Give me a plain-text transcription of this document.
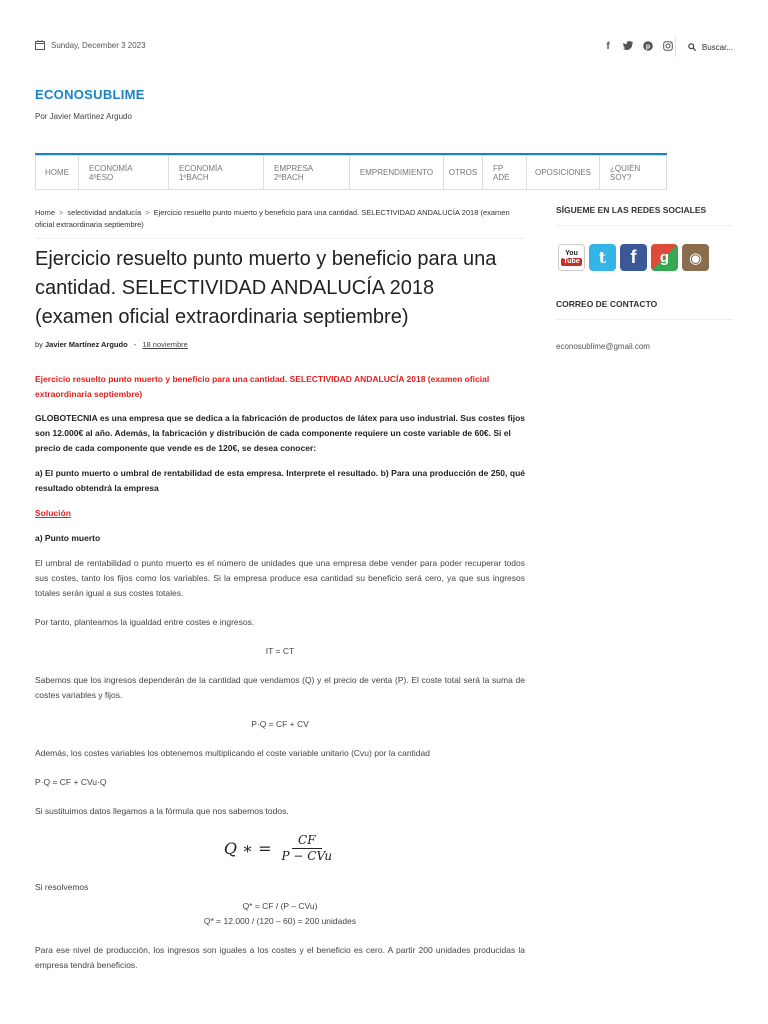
Sunday, December 3 2023	f	p	Buscar...
ECONOSUBLIME
Por Javier Martínez Argudo
HOME	ECONOMÍA 4ºESO
ECONOMÍA 1ºBACH
EMPRESA 2ºBACH	EMPRENDIMIENTO	OTROS	FP ADE	OPOSICIONES	¿QUIÉN SOY?
Home > selectividad andalucía > Ejercicio resuelto punto muerto y beneficio para una cantidad. SELECTIVIDAD ANDALUCÍA 2018 (examen oficial extraordinaria septiembre)
Ejercicio resuelto punto muerto y beneficio para una cantidad. SELECTIVIDAD ANDALUCÍA 2018 (examen oficial extraordinaria septiembre)
by Javier Martínez Argudo - 18 noviembre

Ejercicio resuelto punto muerto y beneficio para una cantidad. SELECTIVIDAD ANDALUCÍA 2018 (examen oficial extraordinaria septiembre)

GLOBOTECNIA es una empresa que se dedica a la fabricación de productos de látex para uso industrial. Sus costes fijos son 12.000€ al año. Además, la fabricación y distribución de cada componente requiere un coste variable de 60€. Si el precio de cada componente que vende es de 120€, se desea conocer:

a) El punto muerto o umbral de rentabilidad de esta empresa. Interprete el resultado. b) Para una producción de 250, qué resultado obtendrá la empresa

Solución

a) Punto muerto

El umbral de rentabilidad o punto muerto es el número de unidades que una empresa debe vender para poder recuperar todos sus costes, tanto los fijos como los variables. Si la empresa produce esa cantidad su beneficio será cero, ya que sus ingresos totales serán igual a sus costes totales.

Por tanto, planteamos la igualdad entre costes e ingresos.

IT = CT

Sabemos que los ingresos dependerán de la cantidad que vendamos (Q) y el precio de venta (P). El coste total será la suma de costes variables y fijos.

P·Q = CF + CV

Además, los costes variables los obtenemos multiplicando el coste variable unitario (Cvu) por la cantidad

P·Q = CF + CVu·Q

Si sustituimos datos llegamos a la fórmula que nos sabemos todos.

Q ∗ = $\frac{CF}{\text{P − CVu}}$

Si resolvemos

Q* = CF / (P – CVu)

Q* = 12.000 / (120 – 60) = 200 unidades

Para ese nivel de producción, los ingresos son iguales a los costes y el beneficio es cero. A partir 200 unidades producidas la empresa tendrá beneficios.

SÍGUEME EN LAS REDES SOCIALES
You
Tube	t	f	g	◉
CORREO DE CONTACTO
econosublime@gmail.com
